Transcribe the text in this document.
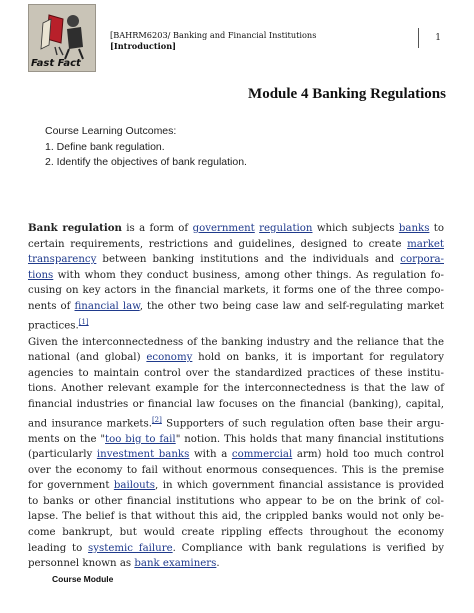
Fast Fact
[BAHRM6203/ Banking and Financial Institutions
[Introduction]
1
Module 4 Banking Regulations
Course Learning Outcomes:
1. Define bank regulation.
2. Identify the objectives of bank regulation.

Bank regulation is a form of government regulation which subjects banks to certain requirements, restrictions and guidelines, designed to create market transparency between banking institutions and the individuals and corpora-tions with whom they conduct business, among other things. As regulation fo-cusing on key actors in the financial markets, it forms one of the three compo-nents of financial law, the other two being case law and self-regulating market practices.[1]

Given the interconnectedness of the banking industry and the reliance that the national (and global) economy hold on banks, it is important for regulatory agencies to maintain control over the standardized practices of these institu-tions. Another relevant example for the interconnectedness is that the law of financial industries or financial law focuses on the financial (banking), capital, and insurance markets.[2] Supporters of such regulation often base their argu-ments on the "too big to fail" notion. This holds that many financial institutions (particularly investment banks with a commercial arm) hold too much control over the economy to fail without enormous consequences. This is the premise for government bailouts, in which government financial assistance is provided to banks or other financial institutions who appear to be on the brink of col-lapse. The belief is that without this aid, the crippled banks would not only be-come bankrupt, but would create rippling effects throughout the economy leading to systemic failure. Compliance with bank regulations is verified by personnel known as bank examiners.

Course Module
